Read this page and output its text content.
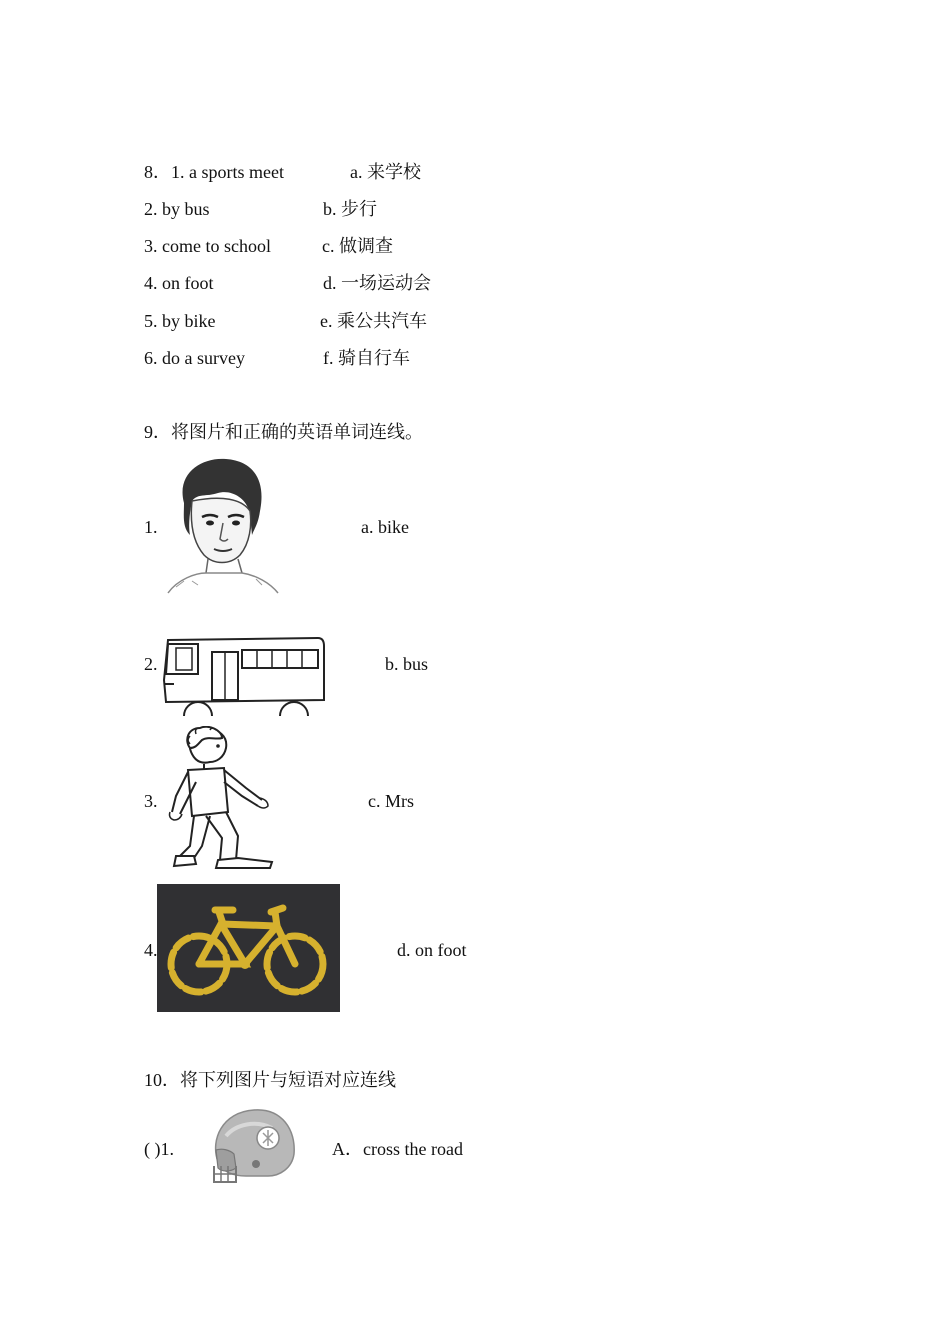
8．1. a sports meet	a. 来学校
2. by bus	b. 步行
3. come to school	c. 做调查
4. on foot	d. 一场运动会
5. by bike	e. 乘公共汽车
6. do a survey	f. 骑自行车
9．将图片和正确的英语单词连线。
1.	a. bike
2.	b. bus
3.	c. Mrs
4.	d. on foot
10．将下列图片与短语对应连线
( )1.	A．cross the road
